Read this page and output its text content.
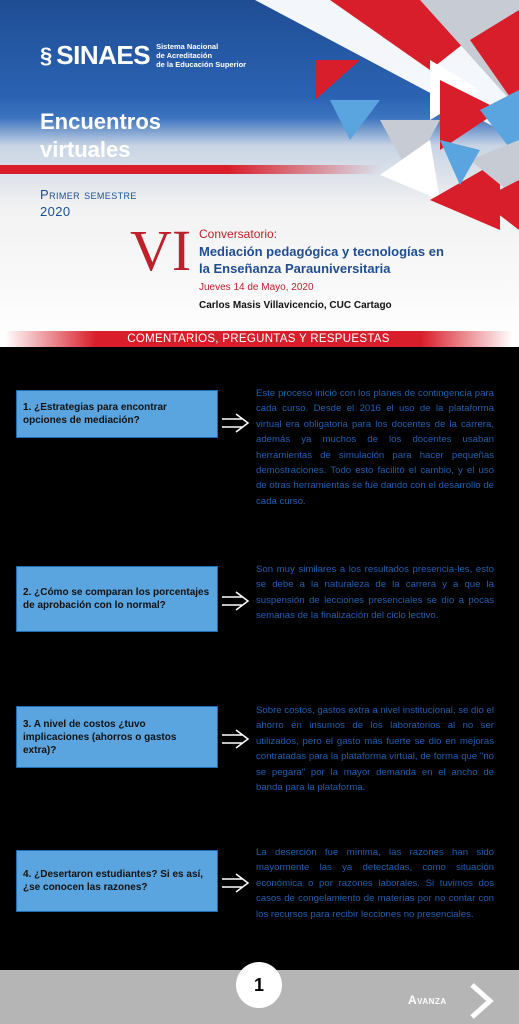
§ SINAES Sistema Nacional
de Acreditación
de la Educación Superior
Encuentros
virtuales
Primer semestre
2020
VI Conversatorio:
Mediación pedagógica y tecnologías en
la Enseñanza Parauniversitaria
Jueves 14 de Mayo, 2020
Carlos Masis Villavicencio, CUC Cartago
COMENTARIOS, PREGUNTAS Y RESPUESTAS
1. ¿Estrategias para encontrar opciones de mediación?
Este proceso inició con los planes de contingencia para cada curso. Desde el 2016 el uso de la plataforma virtual era obligatoria para los docentes de la carrera, además ya muchos de los docentes usaban herramientas de simulación para hacer pequeñas demostraciones. Todo esto facilitó el cambio, y el uso de otras herramientas se fue dando con el desarrollo de cada curso.
2. ¿Cómo se comparan los porcentajes de aprobación con lo normal?
Son muy similares a los resultados presencia-les, esto se debe a la naturaleza de la carrera y a que la suspensión de lecciones presenciales se dio a pocas semanas de la finalización del ciclo lectivo.
3. A nivel de costos ¿tuvo implicaciones (ahorros o gastos extra)?
Sobre costos, gastos extra a nivel institucional, se dio el ahorro en insumos de los laboratorios al no ser utilizados, pero el gasto más fuerte se dio en mejoras contratadas para la plataforma virtual, de forma que "no se pegara" por la mayor demanda en el ancho de banda para la plataforma.
4. ¿Desertaron estudiantes? Si es así, ¿se conocen las razones?
La deserción fue mínima, las razones han sido mayormente las ya detectadas, como situación económica o por razones laborales. Si tuvimos dos casos de congelamiento de materias por no contar con los recursos para recibir lecciones no presenciales.
1
Avanza
